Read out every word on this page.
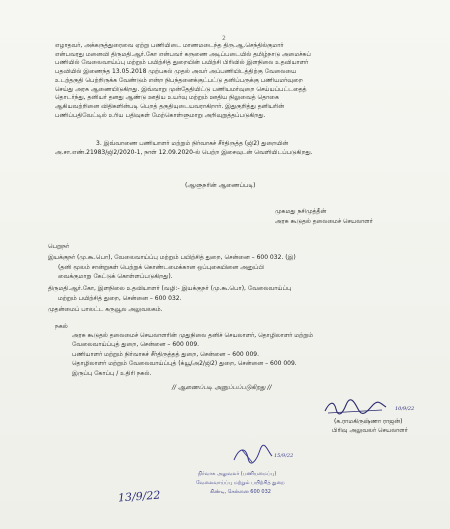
2
எழாதவர், அக்கருத்துரைவை ஏற்று பணியிடை மாணமடைந்த திரு.ஆ.செந்தில்குமார்
என்பவரது மனைவி திருமதி.ஆர்.கோ என்பவர் கருணை அடிப்படையில் தமிழ்நாடு அமைச்சுப்
பணியில் வேலைவாய்ப்பு மற்றும் பயிற்சித் துறையின் பயிற்சி பிரிவில் இளநிலை உதவியாளர்
பதவியில் இணைந்த 13.05.2018 முற்பகல் முதல் அவர் அப்பணியிடத்திற்கு வேலையை
உடற்தகுதி பெற்றிருக்க வேண்டும் என்ற நிபந்தனைக்குட்பட்டு தனிப்பருக்கு பணியமர்வுறை
செய்து அரசு ஆணையிடுகிறது. இவ்வாறு முன்தேதியிட்டு பணியமர்வுறை செய்யப்பட்டதைத்
தொடர்ந்து, தனியர் தனது ஆண்டு ஊதிய உயர்வு மற்றும் ஊதிய நிலுவைத் தொகை
ஆகியவற்றினை விதிகளின்படி பெறத் தகுதியுடையவராகிறார். இதுகுறித்து தனியரின்
பணிப்பதிவேட்டில் உரிய பதிவுகள் மேற்கொள்ளுமாறு அறிவுறுத்தப்படுகிறது.
3. இவ்வாணை பணியாளர் மற்றும் நிர்வாகச் சீர்திருத்த (ஜி2) துறையின்
அ.சா.எண்.21983/ஜி2/2020-1, நாள் 12.09.2020-ல் பெற்ற இசைவுடன் வெளியிடப்படுகிறது.
(ஆளுநரின் ஆணைப்படி)
முகமது நசிமுத்தீன்
அரசு கூடுதல் தலைமைச் செயலாளர்
பெறுநர்
இயக்குநர் (மு.கூ.பொ), வேலைவாய்ப்பு மற்றும் பயிற்சித் துறை, சென்னை – 600 032. (இ)
(தனி மூலம் சான்றுகள் பெற்றுக் கொண்டமைக்கான ஒப்புகையினை அனுப்பி
வைக்குமாறு கேட்டுக் கொள்ளப்படுகிறது).
திருமதி.ஆர்.கோ, இளநிலை உதவியாளர் (வழி:- இயக்குநர் (மு.கூ.பொ), வேலைவாய்ப்பு
மற்றும் பயிற்சித் துறை, சென்னை – 600 032.
முதன்மைப் பாலட்ட கருவூல அலுவலகம்.
நகல்
அரசு கூடுதல் தலைமைச் செயலாளரின் முதுநிலை தனிச் செயலாளர், தொழிலாளர் மற்றும்
வேலைவாய்ப்புத் துறை, சென்னை – 600 009.
பணியாளர் மற்றும் நிர்வாகச் சீர்திருத்தத் துறை, சென்னை – 600 009.
தொழிலாளர் மற்றும் வேலைவாய்ப்புத் (க்யூ/அ2/ஜி2) துறை, சென்னை – 600 009.
இருப்பு கோப்பு / உதிரி நகல்.
// ஆணைப்படி அனுப்பப்படுகிறது //
10/9/22
(க.ராமகிருஷ்ணா ராஜன்)
பிரிவு அலுவலர் செயலாளர்
15/9/22
நிர்வாக அலுவலர் (பணியமைப்பு)
வேலைவாய்ப்பு மற்றும் பயிற்சித் துறை
கிண்டி, சென்னை 600 032
13/9/22
